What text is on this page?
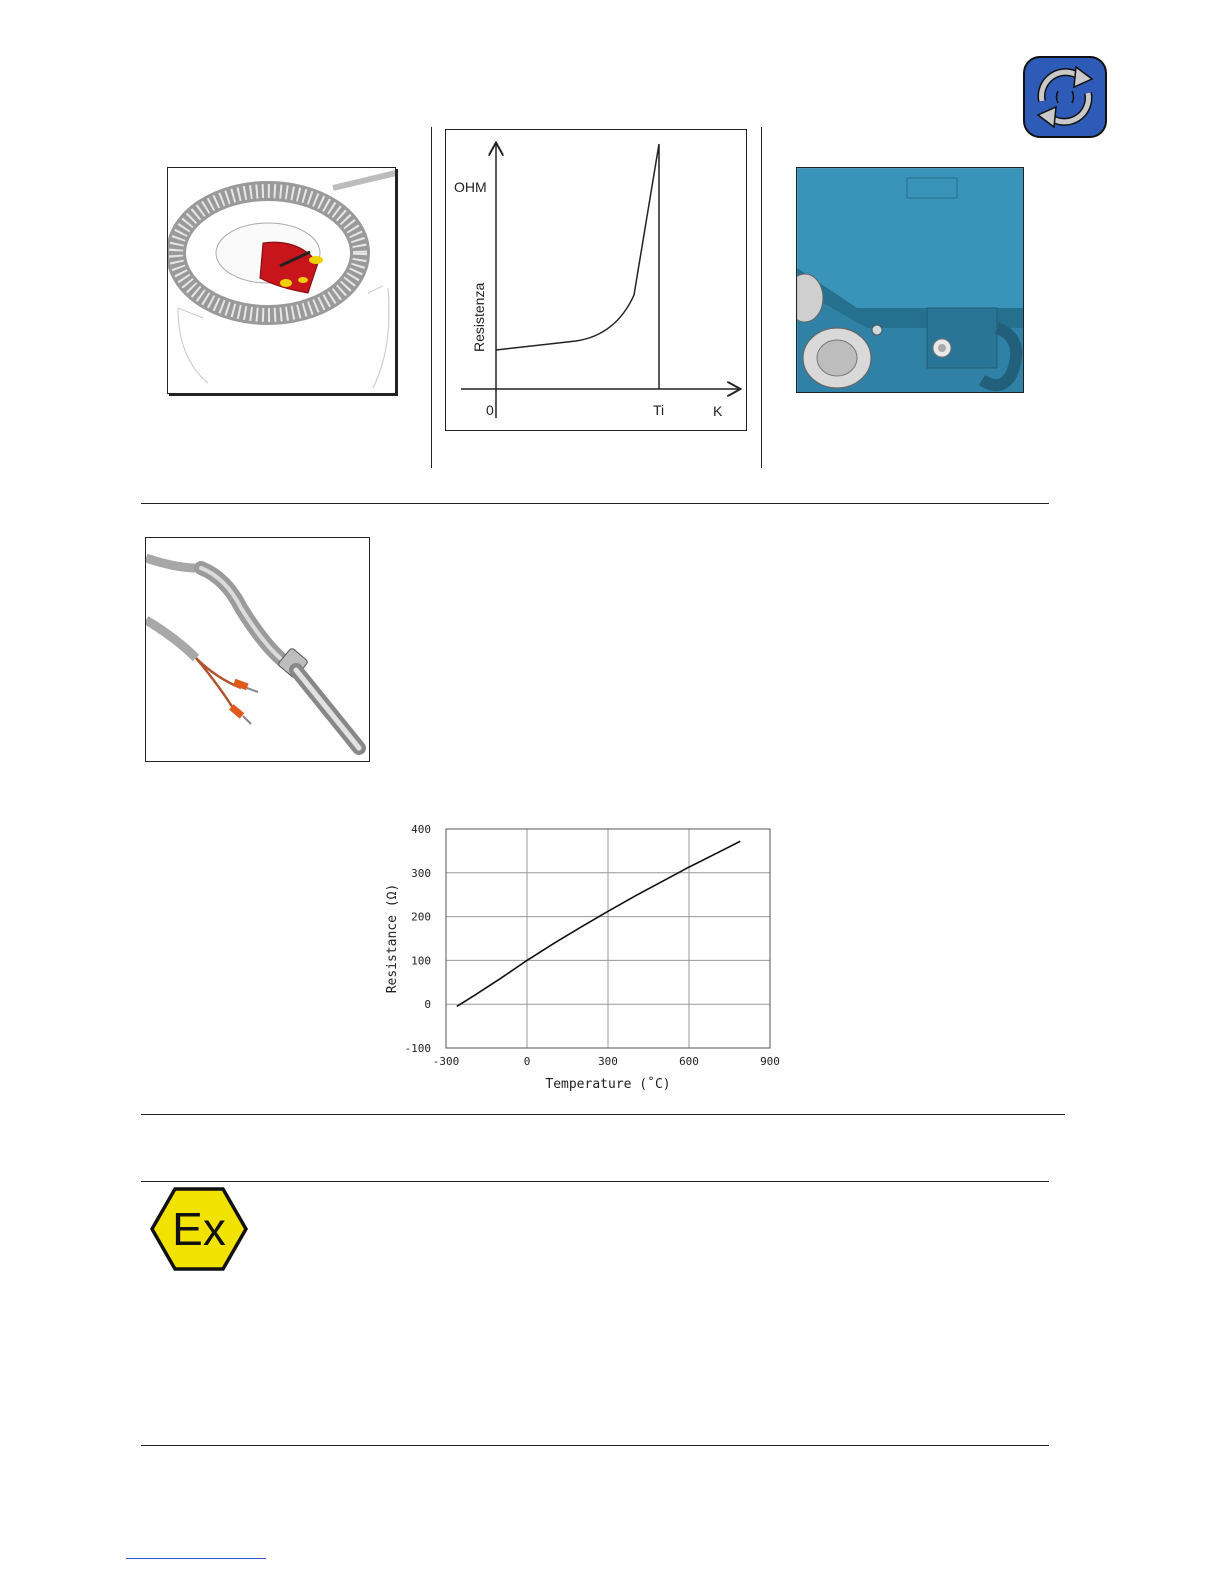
OHM
Resistenza
0	Ti	K
-300	0	300	600	900
400
300
200
100
0
-100
Temperature (˚C)
Resistance (Ω)
Ex
